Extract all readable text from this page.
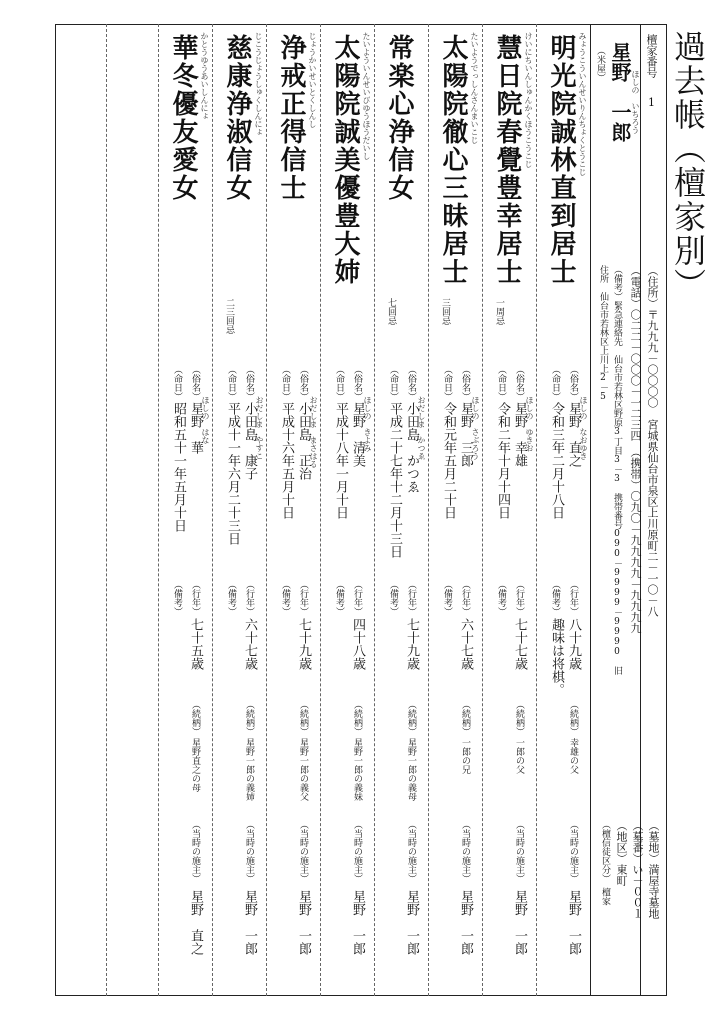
過去帳（檀家別）
檀家番号
1
ほしの　いちろう
星野　一郎
（米屋）
（住所）〒九九九－〇〇〇〇　宮城県仙台市泉区上川原町二－一〇－八
（電話）〇二二－〇〇〇－一二三四　（携帯）〇九〇－九九九九－九九九九
（備考）緊急連絡先　仙台市若林区野原3丁目3－3　携帯番号090－9999－9990　旧
住所　仙台市若林区上川上2－5
（墓地）満屋寺墓地
（墓番）い－００１
（地区）東町
（檀信徒区分）　檀家
みょうこういんせいりんちょくとうこじ
明光院誠林直到居士
（俗名）
ほしの　なおゆき
星野　直之
（命日）
令和三年二月十八日
（行年）
八十九歳
（備考）
趣味は将棋。
（続柄）
幸雄の父
（当時の施主）
星野　一郎
けいにちいんしゅんかくほうこうこじ
慧日院春覺豊幸居士
一周忌
（俗名）
ほしの　ゆきお
星野　幸雄
（命日）
令和二年十月十四日
（行年）
七十七歳
（備考）
（続柄）
一郎の父
（当時の施主）
星野　一郎
たいようでっしんさんまいこじ
太陽院徹心三昧居士
三回忌
（俗名）
ほしの　さぶろう
星野　三郎
（命日）
令和元年五月二十日
（行年）
六十七歳
（備考）
（続柄）
一郎の兄
（当時の施主）
星野　一郎
常楽心浄信女
七回忌
（俗名）
おだしま　かつゑ
小田島　かつゑ
（命日）
平成二十七年十二月十三日
（行年）
七十九歳
（備考）
（続柄）
星野一郎の義母
（当時の施主）
星野　一郎
たいよういんせいびゆうほうだいし
太陽院誠美優豊大姉
（俗名）
ほしの　きよみ
星野　清美
（命日）
平成十八年一月十日
（行年）
四十八歳
（備考）
（続柄）
星野一郎の義妹
（当時の施主）
星野　一郎
じょうかいせいとくしんし
浄戒正得信士
（俗名）
おだしま　まさはる
小田島　正治
（命日）
平成十六年五月十日
（行年）
七十九歳
（備考）
（続柄）
星野一郎の義父
（当時の施主）
星野　一郎
じこうじょうしゅくしんにょ
慈康浄淑信女
二三回忌
（俗名）
おだしま　やすこ
小田島　康子
（命日）
平成十一年六月二十三日
（行年）
六十七歳
（備考）
（続柄）
星野一郎の義姉
（当時の施主）
星野　一郎
かとうゆうあいしんにょ
華冬優友愛女
（俗名）
ほしの　はな
星野　華
（命日）
昭和五十一年五月十日
（行年）
七十五歳
（備考）
（続柄）
星野直之の母
（当時の施主）
星野　直之
